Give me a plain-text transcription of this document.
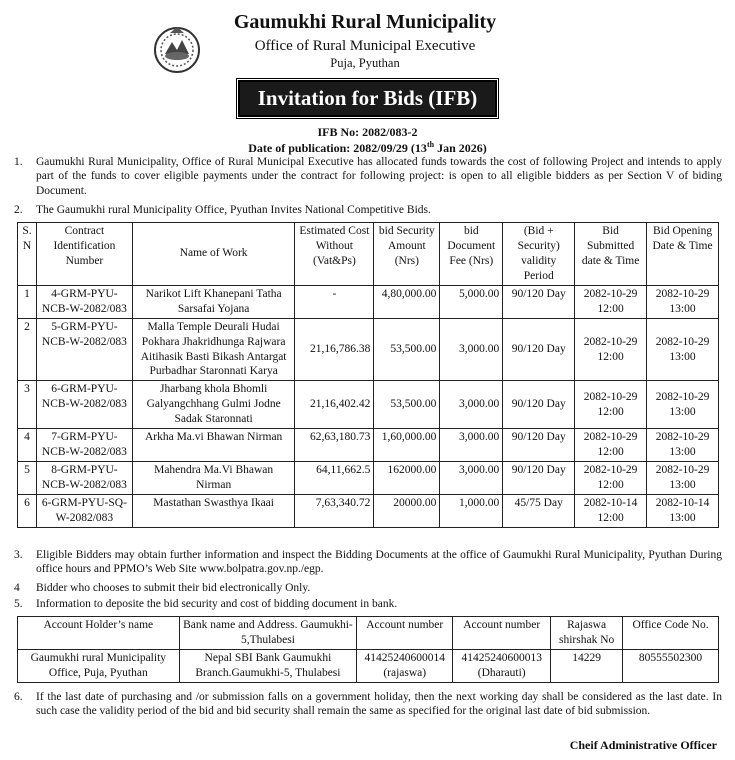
Gaumukhi Rural Municipality
Office of Rural Municipal Executive
Puja, Pyuthan
Invitation for Bids (IFB)
IFB No: 2082/083-2
Date of publication: 2082/09/29 (13th Jan 2026)
1.	Gaumukhi Rural Municipality, Office of Rural Municipal Executive has allocated funds towards the cost of following Project and intends to apply part of the funds to cover eligible payments under the contract for following project: is open to all eligible bidders as per Section V of biding Document.
2.	The Gaumukhi rural Municipality Office, Pyuthan Invites National Competitive Bids.
S. N	Contract Identification Number	Name of Work	Estimated Cost Without (Vat&Ps)	bid Security Amount (Nrs)	bid Document Fee (Nrs)	(Bid + Security) validity Period	Bid Submitted date & Time	Bid Opening Date & Time
1	4-GRM-PYU-NCB-W-2082/083	Narikot Lift Khanepani Tatha Sarsafai Yojana	-	4,80,000.00	5,000.00	90/120 Day	2082-10-29 12:00	2082-10-29 13:00
2	5-GRM-PYU-NCB-W-2082/083	Malla Temple Deurali Hudai Pokhara Jhakridhunga Rajwara Aitihasik Basti Bikash Antargat Purbadhar Staronnati Karya	21,16,786.38	53,500.00	3,000.00	90/120 Day	2082-10-29 12:00	2082-10-29 13:00
3	6-GRM-PYU-NCB-W-2082/083	Jharbang khola Bhomli Galyangchhang Gulmi Jodne Sadak Staronnati	21,16,402.42	53,500.00	3,000.00	90/120 Day	2082-10-29 12:00	2082-10-29 13:00
4	7-GRM-PYU-NCB-W-2082/083	Arkha Ma.vi Bhawan Nirman	62,63,180.73	1,60,000.00	3,000.00	90/120 Day	2082-10-29 12:00	2082-10-29 13:00
5	8-GRM-PYU-NCB-W-2082/083	Mahendra Ma.Vi Bhawan Nirman	64,11,662.5	162000.00	3,000.00	90/120 Day	2082-10-29 12:00	2082-10-29 13:00
6	6-GRM-PYU-SQ-W-2082/083	Mastathan Swasthya Ikaai	7,63,340.72	20000.00	1,000.00	45/75 Day	2082-10-14 12:00	2082-10-14 13:00
3.	Eligible Bidders may obtain further information and inspect the Bidding Documents at the office of Gaumukhi Rural Municipality, Pyuthan During office hours and PPMO’s Web Site www.bolpatra.gov.np./egp.
4	Bidder who chooses to submit their bid electronically Only.
5.	Information to deposite the bid security and cost of bidding document in bank.
Account Holder’s name	Bank name and Address. Gaumukhi-5,Thulabesi	Account number	Account number	Rajaswa shirshak No	Office Code No.
Gaumukhi rural Municipality Office, Puja, Pyuthan	Nepal SBI Bank Gaumukhi Branch.Gaumukhi-5, Thulabesi	41425240600014 (rajaswa)	41425240600013 (Dharauti)	14229	80555502300
6.	If the last date of purchasing and /or submission falls on a government holiday, then the next working day shall be considered as the last date. In such case the validity period of the bid and bid security shall remain the same as specified for the original last date of bid submission.
Cheif Administrative Officer
